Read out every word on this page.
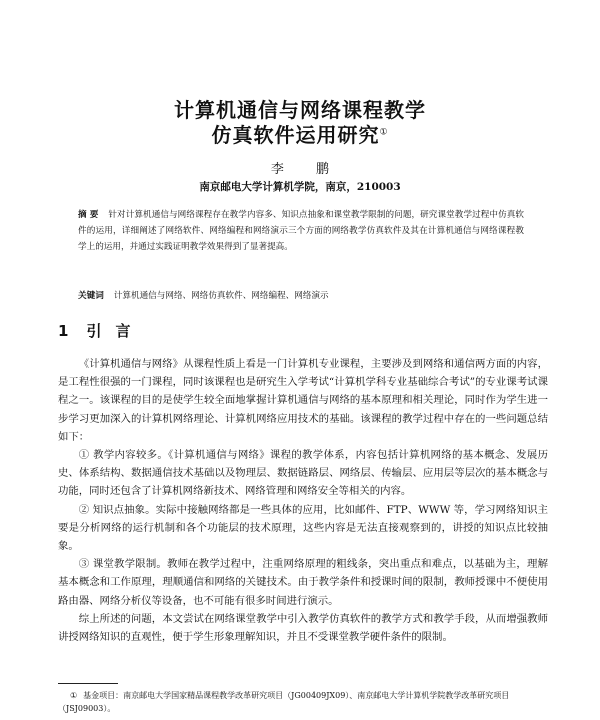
计算机通信与网络课程教学
仿真软件运用研究①
李 鹏
南京邮电大学计算机学院，南京，210003
摘 要 针对计算机通信与网络课程存在教学内容多、知识点抽象和课堂教学限制的问题，研究课堂教学过程中仿真软件的运用，详细阐述了网络软件、网络编程和网络演示三个方面的网络教学仿真软件及其在计算机通信与网络课程教学上的运用，并通过实践证明教学效果得到了显著提高。
关键词 计算机通信与网络、网络仿真软件、网络编程、网络演示
1 引言

《计算机通信与网络》从课程性质上看是一门计算机专业课程，主要涉及到网络和通信两方面的内容，是工程性很强的一门课程，同时该课程也是研究生入学考试“计算机学科专业基础综合考试”的专业课考试课程之一。该课程的目的是使学生较全面地掌握计算机通信与网络的基本原理和相关理论，同时作为学生进一步学习更加深入的计算机网络理论、计算机网络应用技术的基础。该课程的教学过程中存在的一些问题总结如下：

① 教学内容较多。《计算机通信与网络》课程的教学体系，内容包括计算机网络的基本概念、发展历史、体系结构、数据通信技术基础以及物理层、数据链路层、网络层、传输层、应用层等层次的基本概念与功能，同时还包含了计算机网络新技术、网络管理和网络安全等相关的内容。

② 知识点抽象。实际中接触网络都是一些具体的应用，比如邮件、FTP、WWW 等，学习网络知识主要是分析网络的运行机制和各个功能层的技术原理，这些内容是无法直接观察到的，讲授的知识点比较抽象。

③ 课堂教学限制。教师在教学过程中，注重网络原理的粗线条，突出重点和难点，以基础为主，理解基本概念和工作原理，理顺通信和网络的关键技术。由于教学条件和授课时间的限制，教师授课中不便使用路由器、网络分析仪等设备，也不可能有很多时间进行演示。

综上所述的问题，本文尝试在网络课堂教学中引入教学仿真软件的教学方式和教学手段，从而增强教师讲授网络知识的直观性，便于学生形象理解知识，并且不受课堂教学硬件条件的限制。

① 基金项目：南京邮电大学国家精品课程教学改革研究项目（JG00409JX09）、南京邮电大学计算机学院教学改革研究项目（JSJ09003）。
